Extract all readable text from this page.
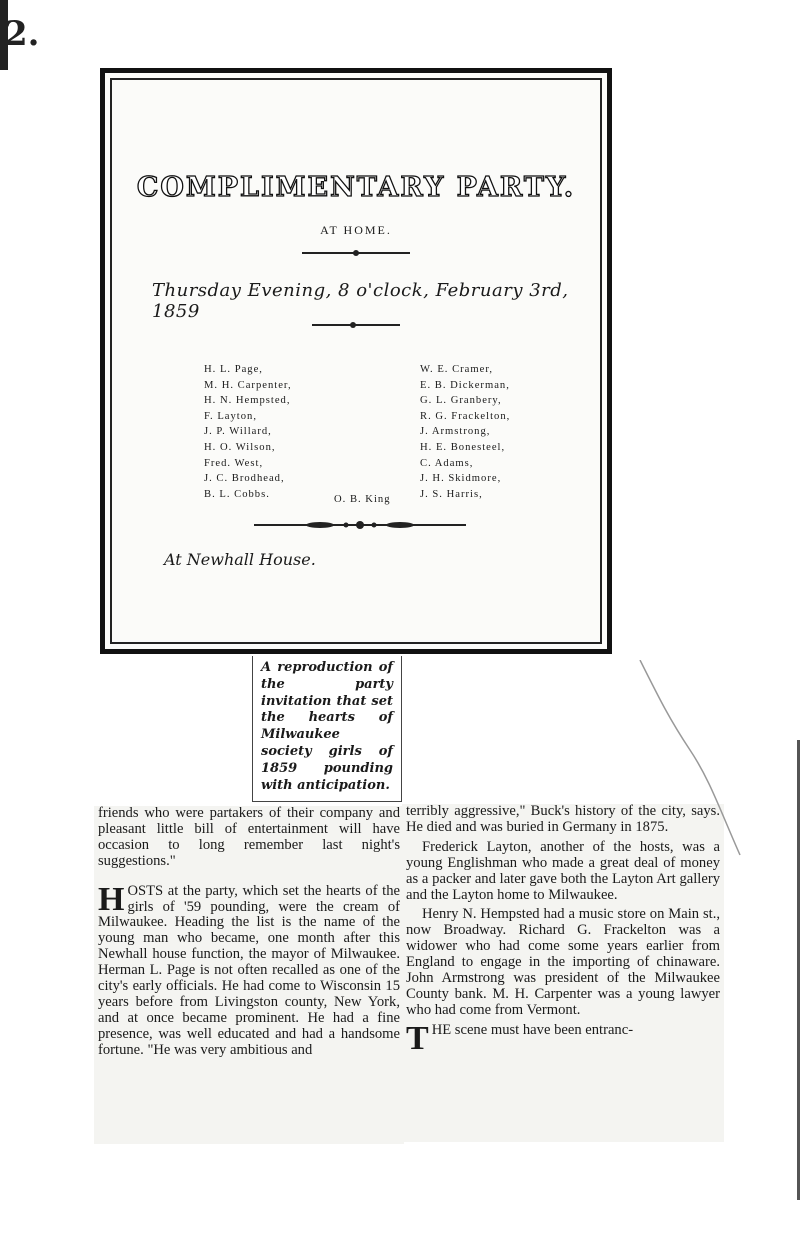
2.
COMPLIMENTARY PARTY.
AT HOME.
Thursday Evening, 8 o'clock, February 3rd, 1859
H. L. Page,
M. H. Carpenter,
H. N. Hempsted,
F. Layton,
J. P. Willard,
H. O. Wilson,
Fred. West,
J. C. Brodhead,
B. L. Cobbs.
W. E. Cramer,
E. B. Dickerman,
G. L. Granbery,
R. G. Frackelton,
J. Armstrong,
H. E. Bonesteel,
C. Adams,
J. H. Skidmore,
J. S. Harris,
O. B. King
At Newhall House.
A reproduction of the party invitation that set the hearts of Milwaukee society girls of 1859 pounding with anticipation.

friends who were partakers of their company and pleasant little bill of entertainment will have occasion to long remember last night's suggestions."

HOSTS at the party, which set the hearts of the girls of '59 pounding, were the cream of Milwaukee. Heading the list is the name of the young man who became, one month after this Newhall house function, the mayor of Milwaukee. Herman L. Page is not often recalled as one of the city's early officials. He had come to Wisconsin 15 years before from Livingston county, New York, and at once became prominent. He had a fine presence, was well educated and had a handsome fortune. "He was very ambitious and

terribly aggressive," Buck's history of the city, says. He died and was buried in Germany in 1875.

Frederick Layton, another of the hosts, was a young Englishman who made a great deal of money as a packer and later gave both the Layton Art gallery and the Layton home to Milwaukee.

Henry N. Hempsted had a music store on Main st., now Broadway. Richard G. Frackelton was a widower who had come some years earlier from England to engage in the importing of chinaware. John Armstrong was president of the Milwaukee County bank. M. H. Carpenter was a young lawyer who had come from Vermont.

THE scene must have been entranc-
